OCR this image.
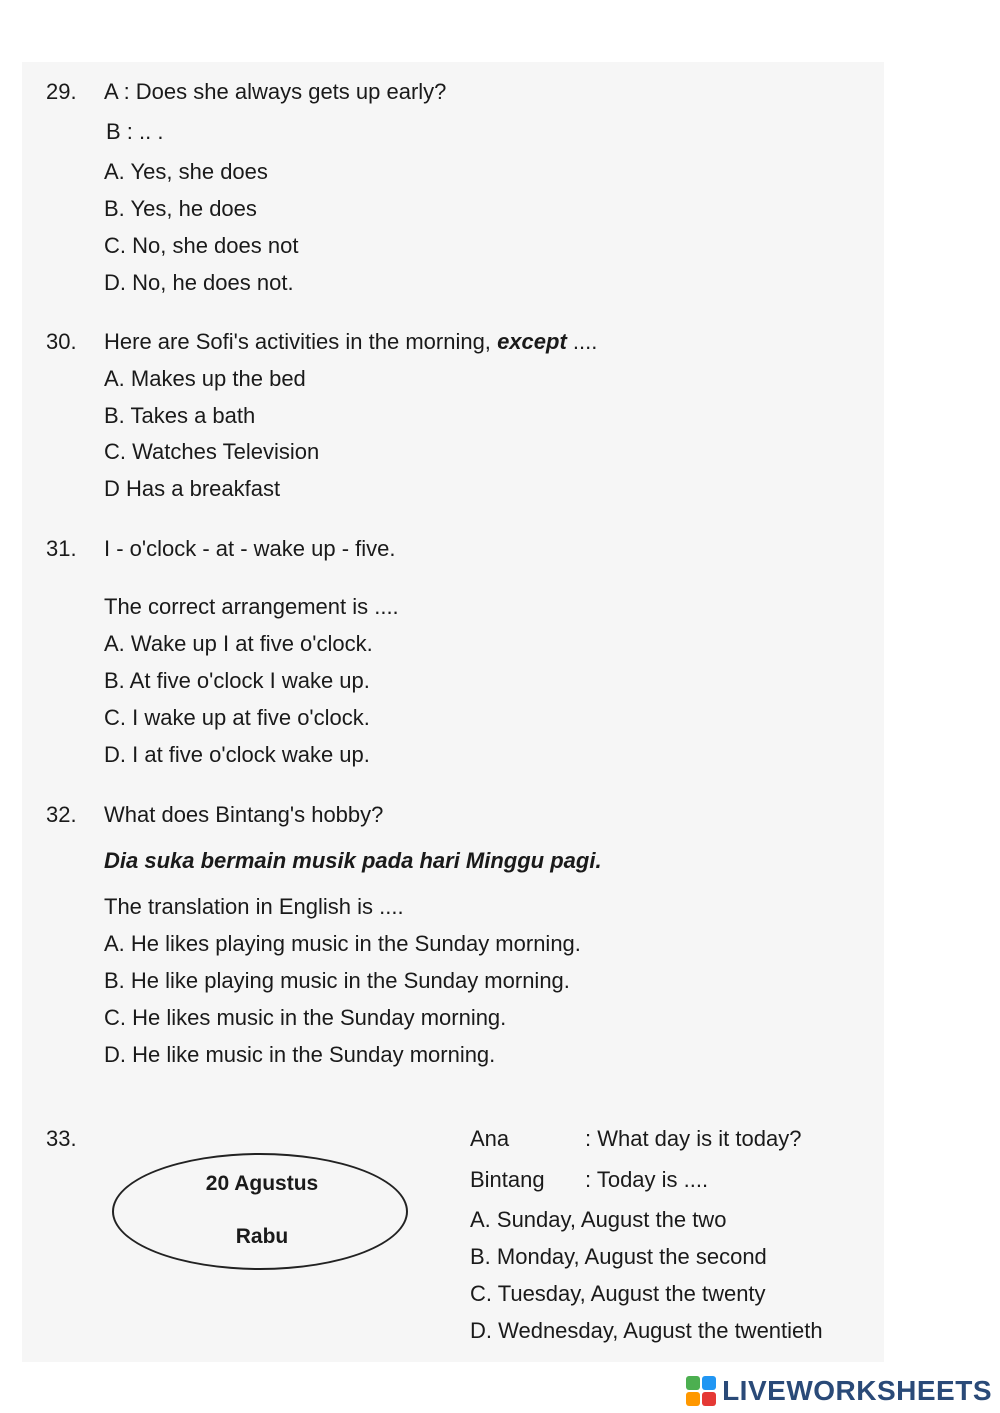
29. A : Does she always gets up early?
B : .. .
A. Yes, she does
B. Yes, he does
C. No, she does not
D. No, he does not.
30. Here are Sofi's activities in the morning, except ....
A. Makes up the bed
B. Takes a bath
C. Watches Television
D Has a breakfast
31. I - o'clock - at - wake up - five.
The correct arrangement is ....
A. Wake up I at five o'clock.
B. At five o'clock I wake up.
C. I wake up at five o'clock.
D. I at five o'clock wake up.
32. What does Bintang's hobby?
Dia suka bermain musik pada hari Minggu pagi.
The translation in English is ....
A. He likes playing music in the Sunday morning.
B. He like playing music in the Sunday morning.
C. He likes music in the Sunday morning.
D. He like music in the Sunday morning.
33.
20 Agustus
Rabu
Ana	: What day is it today?
Bintang : Today is ....
A. Sunday, August the two
B. Monday, August the second
C. Tuesday, August the twenty
D. Wednesday, August the twentieth
LIVEWORKSHEETS
